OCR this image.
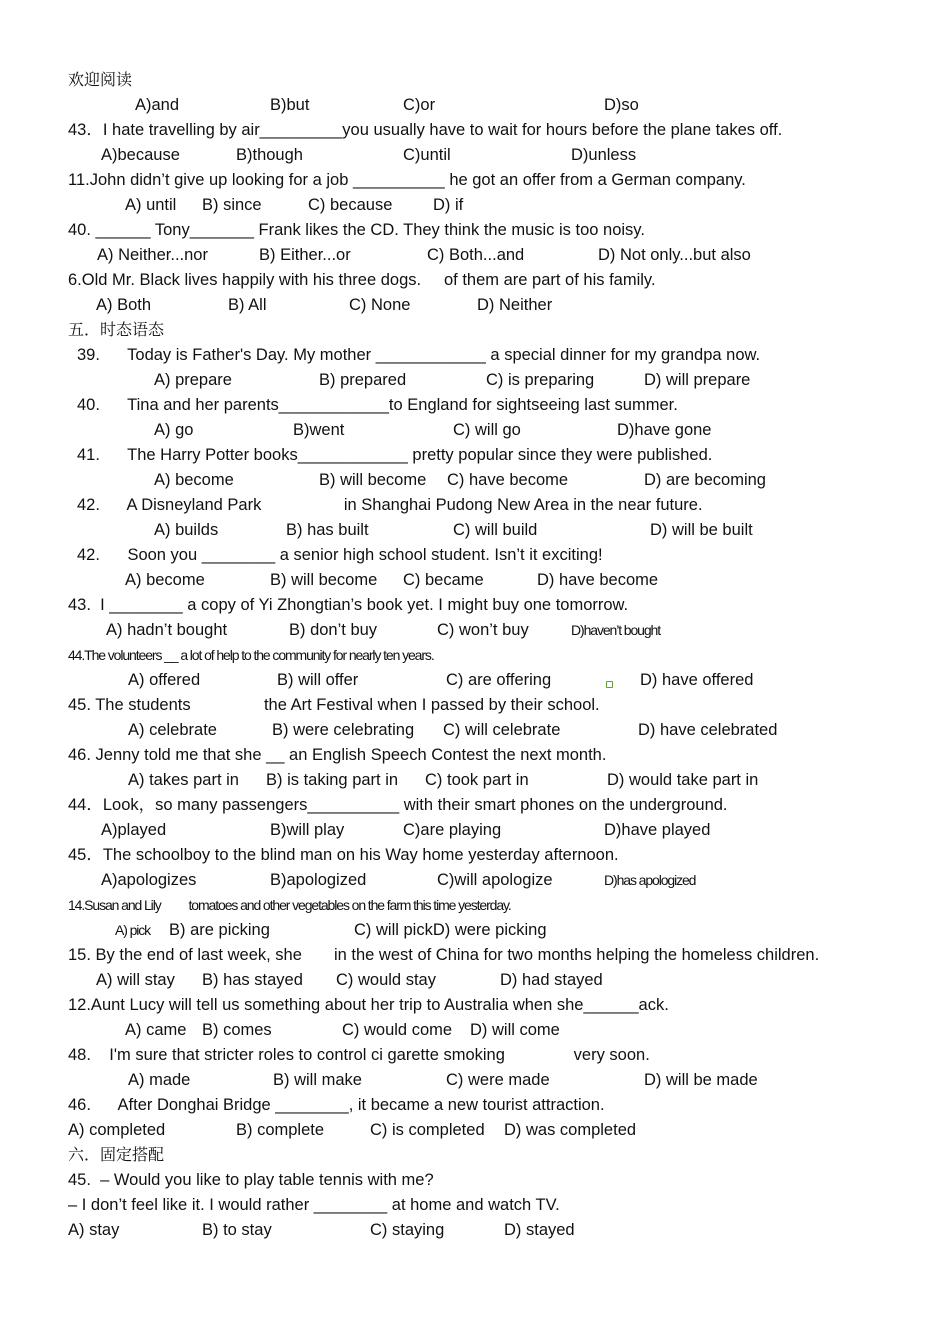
欢迎阅读
A)and	B)but	C)or	D)so
43．I hate travelling by air_________you usually have to wait for hours before the plane takes off.
A)because	B)though	C)until	D)unless
11.John didn’t give up looking for a job __________ he got an offer from a German company.
A) until B) since	C) because D) if
40. ______ Tony_______ Frank likes the CD. They think the music is too noisy.
A) Neither...nor	B) Either...or	C) Both...and	D) Not only...but also
6.Old Mr. Black lives happily with his three dogs.     of them are part of his family.
A) Both	B) All	C) None	D) Neither
五．时态语态
39.      Today is Father's Day. My mother ____________ a special dinner for my grandpa now.
A) prepare	B) prepared	C) is preparing	D) will prepare
40.      Tina and her parents____________to England for sightseeing last summer.
A) go	B)went	C) will go	D)have gone
41.      The Harry Potter books____________ pretty popular since they were published.
A) become	B) will become C) have become	D) are becoming
42.      A Disneyland Park                  in Shanghai Pudong New Area in the near future.
A) builds	B) has built	C) will build	D) will be built
42.      Soon you ________ a senior high school student. Isn’t it exciting!
A) become	B) will become C) became	D) have become
43.  I ________ a copy of Yi Zhongtian’s book yet. I might buy one tomorrow.
A) hadn’t bought	B) don’t buy	C) won’t buy	D)haven’t bought
44.The volunteers __ a lot of help to the community for nearly ten years.
A) offered	B) will offer	C) are offering	D) have offered
45. The students                the Art Festival when I passed by their school.
A) celebrate	B) were celebrating C) will celebrate	D) have celebrated
46. Jenny told me that she __ an English Speech Contest the next month.
A) takes part in B) is taking part in C) took part in	D) would take part in
44．Look，so many passengers__________ with their smart phones on the underground.
A)played	B)will play	C)are playing	D)have played
45．The schoolboy to the blind man on his Way home yesterday afternoon.
A)apologizes	B)apologized	C)will apologize	D)has apologized
14.Susan and Lily          tomatoes and other vegetables on the farm this time yesterday.
A) pick B) are picking	C) will pickD) were picking
15. By the end of last week, she       in the west of China for two months helping the homeless children.
A) will stay B) has stayed C) would stay	D) had stayed
12.Aunt Lucy will tell us something about her trip to Australia when she______ack.
A) came B) comes	C) would come D) will come
48.    I'm sure that stricter roles to control ci garette smoking               very soon.
A) made	B) will make	C) were made	D) will be made
46.      After Donghai Bridge ________, it became a new tourist attraction.
A) completed	B) complete	C) is completed D) was completed
六．固定搭配
45.  – Would you like to play table tennis with me?
– I don’t feel like it. I would rather ________ at home and watch TV.
A) stay	B) to stay	C) staying	D) stayed
